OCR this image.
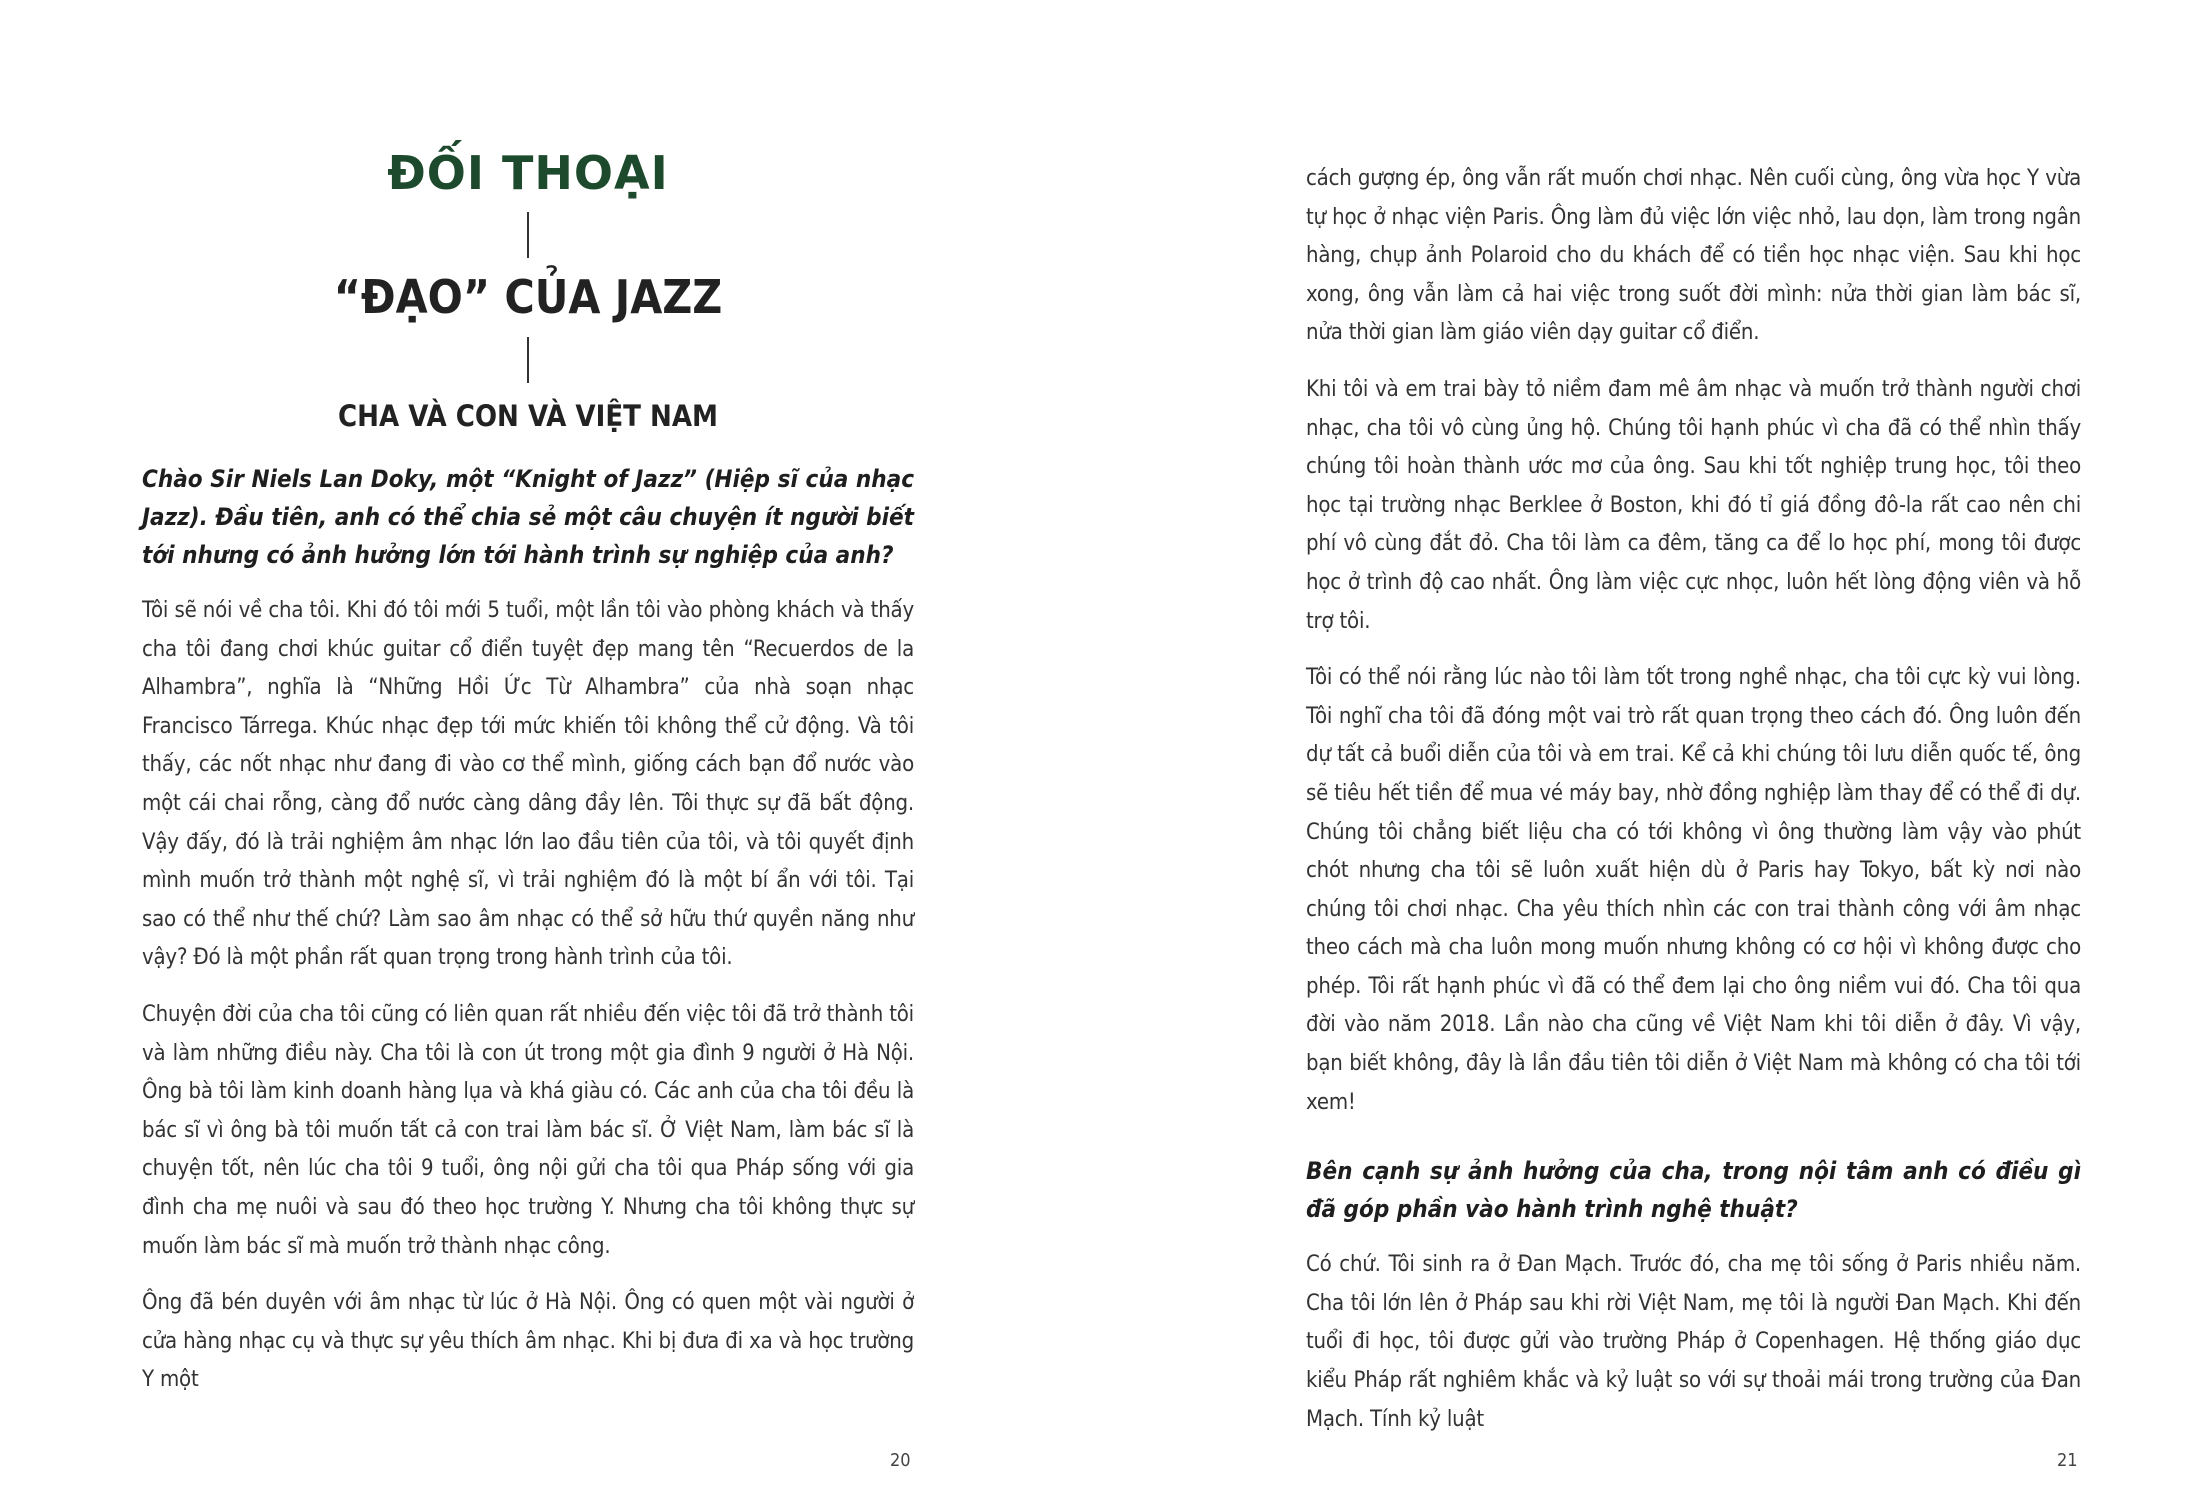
ĐỐI THOẠI
“ĐẠO” CỦA JAZZ
CHA VÀ CON VÀ VIỆT NAM

Chào Sir Niels Lan Doky, một “Knight of Jazz” (Hiệp sĩ của nhạc Jazz). Đầu tiên, anh có thể chia sẻ một câu chuyện ít người biết tới nhưng có ảnh hưởng lớn tới hành trình sự nghiệp của anh?

Tôi sẽ nói về cha tôi. Khi đó tôi mới 5 tuổi, một lần tôi vào phòng khách và thấy cha tôi đang chơi khúc guitar cổ điển tuyệt đẹp mang tên “Recuerdos de la Alhambra”, nghĩa là “Những Hồi Ức Từ Alhambra” của nhà soạn nhạc Francisco Tárrega. Khúc nhạc đẹp tới mức khiến tôi không thể cử động. Và tôi thấy, các nốt nhạc như đang đi vào cơ thể mình, giống cách bạn đổ nước vào một cái chai rỗng, càng đổ nước càng dâng đầy lên. Tôi thực sự đã bất động. Vậy đấy, đó là trải nghiệm âm nhạc lớn lao đầu tiên của tôi, và tôi quyết định mình muốn trở thành một nghệ sĩ, vì trải nghiệm đó là một bí ẩn với tôi. Tại sao có thể như thế chứ? Làm sao âm nhạc có thể sở hữu thứ quyền năng như vậy? Đó là một phần rất quan trọng trong hành trình của tôi.

Chuyện đời của cha tôi cũng có liên quan rất nhiều đến việc tôi đã trở thành tôi và làm những điều này. Cha tôi là con út trong một gia đình 9 người ở Hà Nội. Ông bà tôi làm kinh doanh hàng lụa và khá giàu có. Các anh của cha tôi đều là bác sĩ vì ông bà tôi muốn tất cả con trai làm bác sĩ. Ở Việt Nam, làm bác sĩ là chuyện tốt, nên lúc cha tôi 9 tuổi, ông nội gửi cha tôi qua Pháp sống với gia đình cha mẹ nuôi và sau đó theo học trường Y. Nhưng cha tôi không thực sự muốn làm bác sĩ mà muốn trở thành nhạc công.

Ông đã bén duyên với âm nhạc từ lúc ở Hà Nội. Ông có quen một vài người ở cửa hàng nhạc cụ và thực sự yêu thích âm nhạc. Khi bị đưa đi xa và học trường Y một

20

cách gượng ép, ông vẫn rất muốn chơi nhạc. Nên cuối cùng, ông vừa học Y vừa tự học ở nhạc viện Paris. Ông làm đủ việc lớn việc nhỏ, lau dọn, làm trong ngân hàng, chụp ảnh Polaroid cho du khách để có tiền học nhạc viện. Sau khi học xong, ông vẫn làm cả hai việc trong suốt đời mình: nửa thời gian làm bác sĩ, nửa thời gian làm giáo viên dạy guitar cổ điển.

Khi tôi và em trai bày tỏ niềm đam mê âm nhạc và muốn trở thành người chơi nhạc, cha tôi vô cùng ủng hộ. Chúng tôi hạnh phúc vì cha đã có thể nhìn thấy chúng tôi hoàn thành ước mơ của ông. Sau khi tốt nghiệp trung học, tôi theo học tại trường nhạc Berklee ở Boston, khi đó tỉ giá đồng đô-la rất cao nên chi phí vô cùng đắt đỏ. Cha tôi làm ca đêm, tăng ca để lo học phí, mong tôi được học ở trình độ cao nhất. Ông làm việc cực nhọc, luôn hết lòng động viên và hỗ trợ tôi.

Tôi có thể nói rằng lúc nào tôi làm tốt trong nghề nhạc, cha tôi cực kỳ vui lòng. Tôi nghĩ cha tôi đã đóng một vai trò rất quan trọng theo cách đó. Ông luôn đến dự tất cả buổi diễn của tôi và em trai. Kể cả khi chúng tôi lưu diễn quốc tế, ông sẽ tiêu hết tiền để mua vé máy bay, nhờ đồng nghiệp làm thay để có thể đi dự. Chúng tôi chẳng biết liệu cha có tới không vì ông thường làm vậy vào phút chót nhưng cha tôi sẽ luôn xuất hiện dù ở Paris hay Tokyo, bất kỳ nơi nào chúng tôi chơi nhạc. Cha yêu thích nhìn các con trai thành công với âm nhạc theo cách mà cha luôn mong muốn nhưng không có cơ hội vì không được cho phép. Tôi rất hạnh phúc vì đã có thể đem lại cho ông niềm vui đó. Cha tôi qua đời vào năm 2018. Lần nào cha cũng về Việt Nam khi tôi diễn ở đây. Vì vậy, bạn biết không, đây là lần đầu tiên tôi diễn ở Việt Nam mà không có cha tôi tới xem!

Bên cạnh sự ảnh hưởng của cha, trong nội tâm anh có điều gì đã góp phần vào hành trình nghệ thuật?

Có chứ. Tôi sinh ra ở Đan Mạch. Trước đó, cha mẹ tôi sống ở Paris nhiều năm. Cha tôi lớn lên ở Pháp sau khi rời Việt Nam, mẹ tôi là người Đan Mạch. Khi đến tuổi đi học, tôi được gửi vào trường Pháp ở Copenhagen. Hệ thống giáo dục kiểu Pháp rất nghiêm khắc và kỷ luật so với sự thoải mái trong trường của Đan Mạch. Tính kỷ luật

21
